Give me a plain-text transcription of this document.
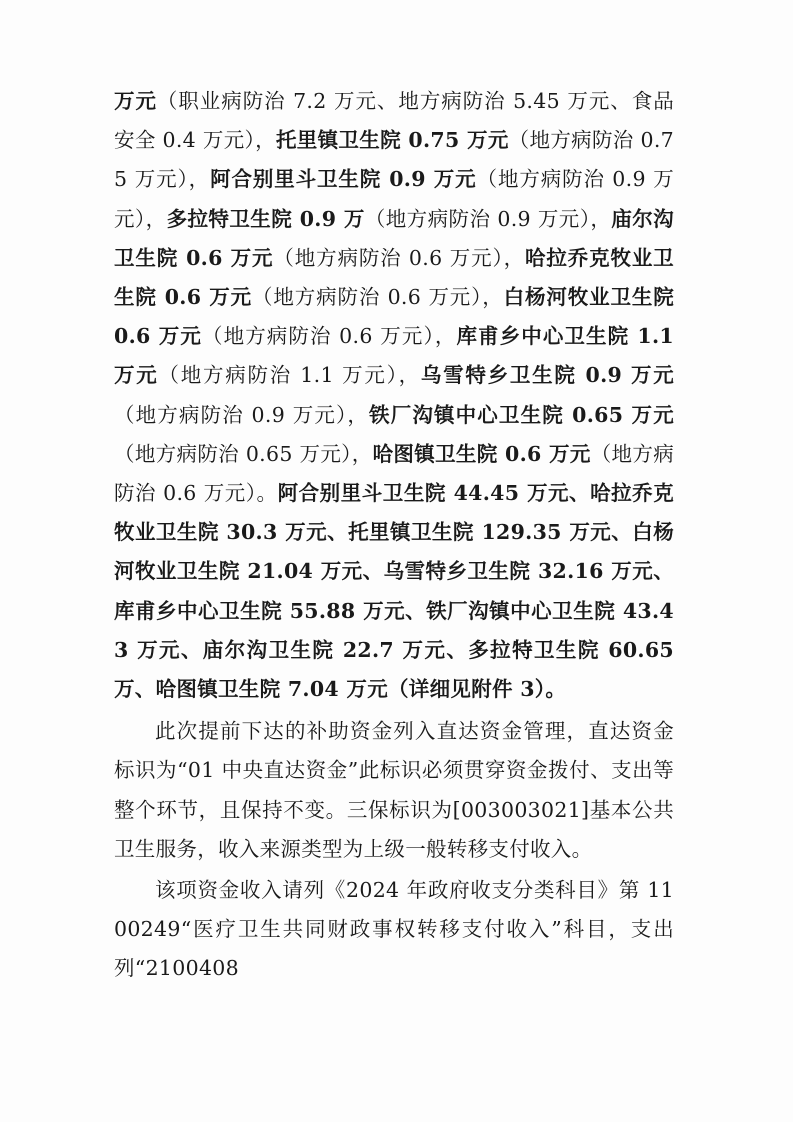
万元（职业病防治 7.2 万元、地方病防治 5.45 万元、食品安全 0.4 万元），托里镇卫生院 0.75 万元（地方病防治 0.75 万元），阿合别里斗卫生院 0.9 万元（地方病防治 0.9 万元），多拉特卫生院 0.9 万（地方病防治 0.9 万元），庙尔沟卫生院 0.6 万元（地方病防治 0.6 万元），哈拉乔克牧业卫生院 0.6 万元（地方病防治 0.6 万元），白杨河牧业卫生院 0.6 万元（地方病防治 0.6 万元），库甫乡中心卫生院 1.1 万元（地方病防治 1.1 万元），乌雪特乡卫生院 0.9 万元（地方病防治 0.9 万元），铁厂沟镇中心卫生院 0.65 万元（地方病防治 0.65 万元），哈图镇卫生院 0.6 万元（地方病防治 0.6 万元）。阿合别里斗卫生院 44.45 万元、哈拉乔克牧业卫生院 30.3 万元、托里镇卫生院 129.35 万元、白杨河牧业卫生院 21.04 万元、乌雪特乡卫生院 32.16 万元、库甫乡中心卫生院 55.88 万元、铁厂沟镇中心卫生院 43.43 万元、庙尔沟卫生院 22.7 万元、多拉特卫生院 60.65 万、哈图镇卫生院 7.04 万元（详细见附件 3）。

此次提前下达的补助资金列入直达资金管理，直达资金标识为“01 中央直达资金”此标识必须贯穿资金拨付、支出等整个环节，且保持不变。三保标识为[003003021]基本公共卫生服务，收入来源类型为上级一般转移支付收入。

该项资金收入请列《2024 年政府收支分类科目》第 1100249“医疗卫生共同财政事权转移支付收入”科目，支出列“2100408
